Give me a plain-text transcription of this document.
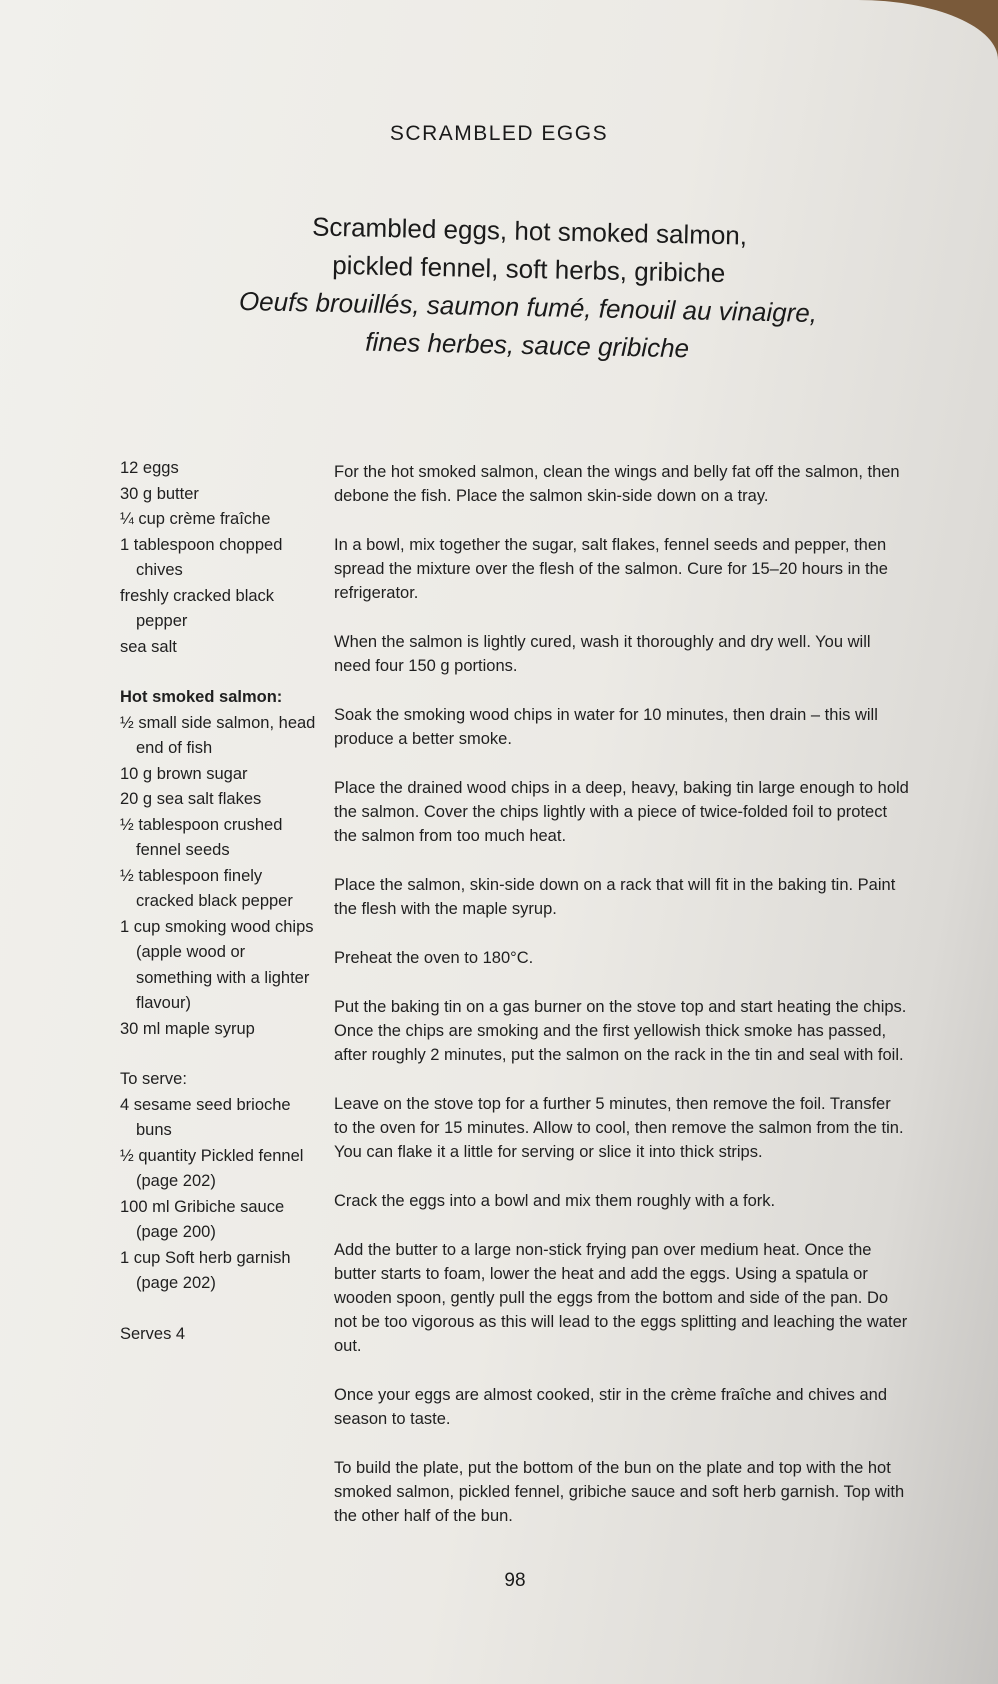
SCRAMBLED EGGS
Scrambled eggs, hot smoked salmon,
pickled fennel, soft herbs, gribiche
Oeufs brouillés, saumon fumé, fenouil au vinaigre,
fines herbes, sauce gribiche
12 eggs
30 g butter
¼ cup crème fraîche
1 tablespoon chopped chives
freshly cracked black pepper
sea salt
Hot smoked salmon:
½ small side salmon, head end of fish
10 g brown sugar
20 g sea salt flakes
½ tablespoon crushed fennel seeds
½ tablespoon finely cracked black pepper
1 cup smoking wood chips (apple wood or something with a lighter flavour)
30 ml maple syrup
To serve:
4 sesame seed brioche buns
½ quantity Pickled fennel (page 202)
100 ml Gribiche sauce (page 200)
1 cup Soft herb garnish (page 202)
Serves 4

For the hot smoked salmon, clean the wings and belly fat off the salmon, then debone the fish. Place the salmon skin-side down on a tray.

In a bowl, mix together the sugar, salt flakes, fennel seeds and pepper, then spread the mixture over the flesh of the salmon. Cure for 15–20 hours in the refrigerator.

When the salmon is lightly cured, wash it thoroughly and dry well. You will need four 150 g portions.

Soak the smoking wood chips in water for 10 minutes, then drain – this will produce a better smoke.

Place the drained wood chips in a deep, heavy, baking tin large enough to hold the salmon. Cover the chips lightly with a piece of twice-folded foil to protect the salmon from too much heat.

Place the salmon, skin-side down on a rack that will fit in the baking tin. Paint the flesh with the maple syrup.

Preheat the oven to 180°C.

Put the baking tin on a gas burner on the stove top and start heating the chips. Once the chips are smoking and the first yellowish thick smoke has passed, after roughly 2 minutes, put the salmon on the rack in the tin and seal with foil.

Leave on the stove top for a further 5 minutes, then remove the foil. Transfer to the oven for 15 minutes. Allow to cool, then remove the salmon from the tin. You can flake it a little for serving or slice it into thick strips.

Crack the eggs into a bowl and mix them roughly with a fork.

Add the butter to a large non-stick frying pan over medium heat. Once the butter starts to foam, lower the heat and add the eggs. Using a spatula or wooden spoon, gently pull the eggs from the bottom and side of the pan. Do not be too vigorous as this will lead to the eggs splitting and leaching the water out.

Once your eggs are almost cooked, stir in the crème fraîche and chives and season to taste.

To build the plate, put the bottom of the bun on the plate and top with the hot smoked salmon, pickled fennel, gribiche sauce and soft herb garnish. Top with the other half of the bun.

98
